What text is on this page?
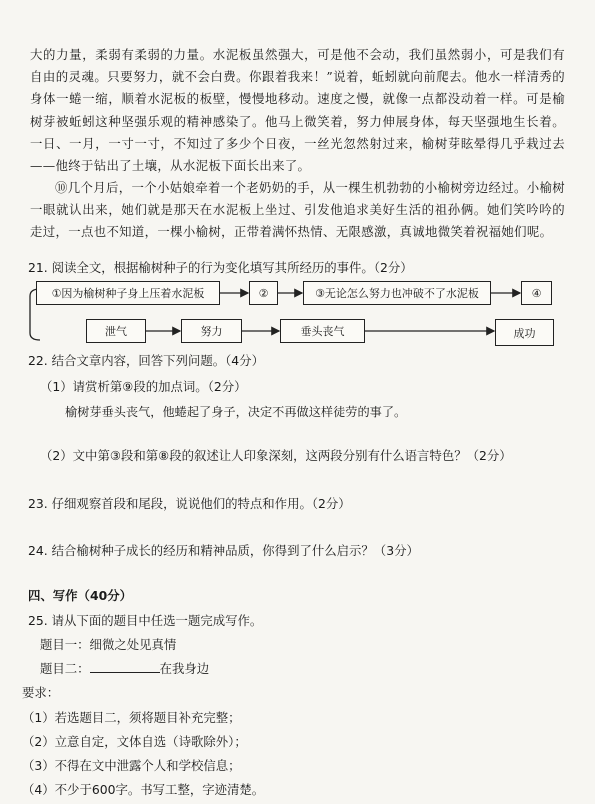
大的力量，柔弱有柔弱的力量。水泥板虽然强大，可是他不会动，我们虽然弱小，可是我们有自由的灵魂。只要努力，就不会白费。你跟着我来！”说着，蚯蚓就向前爬去。他水一样清秀的身体一蜷一缩，顺着水泥板的板壁，慢慢地移动。速度之慢，就像一点都没动着一样。可是榆树芽被蚯蚓这种坚强乐观的精神感染了。他马上微笑着，努力伸展身体，每天坚强地生长着。一日、一月，一寸一寸，不知过了多少个日夜，一丝光忽然射过来，榆树芽眩晕得几乎栽过去——他终于钻出了土壤，从水泥板下面长出来了。

⑩几个月后，一个小姑娘牵着一个老奶奶的手，从一棵生机勃勃的小榆树旁边经过。小榆树一眼就认出来，她们就是那天在水泥板上坐过、引发他追求美好生活的祖孙俩。她们笑吟吟的走过，一点也不知道，一棵小榆树，正带着满怀热情、无限感激，真诚地微笑着祝福她们呢。

21. 阅读全文，根据榆树种子的行为变化填写其所经历的事件。（2分）

①因为榆树种子身上压着水泥板	②	③无论怎么努力也冲破不了水泥板	④
泄气	努力	垂头丧气	成功

22. 结合文章内容，回答下列问题。（4分）

（1）请赏析第⑨段的加点词。（2分）

榆树芽垂头丧气，他蜷起了身子，决定不再做这样徒劳的事了。

（2）文中第③段和第⑧段的叙述让人印象深刻，这两段分别有什么语言特色？（2分）

23. 仔细观察首段和尾段，说说他们的特点和作用。（2分）

24. 结合榆树种子成长的经历和精神品质，你得到了什么启示？（3分）

四、写作（40分）

25. 请从下面的题目中任选一题完成写作。

题目一：细微之处见真情

题目二：	在我身边

要求：

（1）若选题目二，须将题目补充完整；

（2）立意自定，文体自选（诗歌除外）；

（3）不得在文中泄露个人和学校信息；

（4）不少于600字。书写工整，字迹清楚。
